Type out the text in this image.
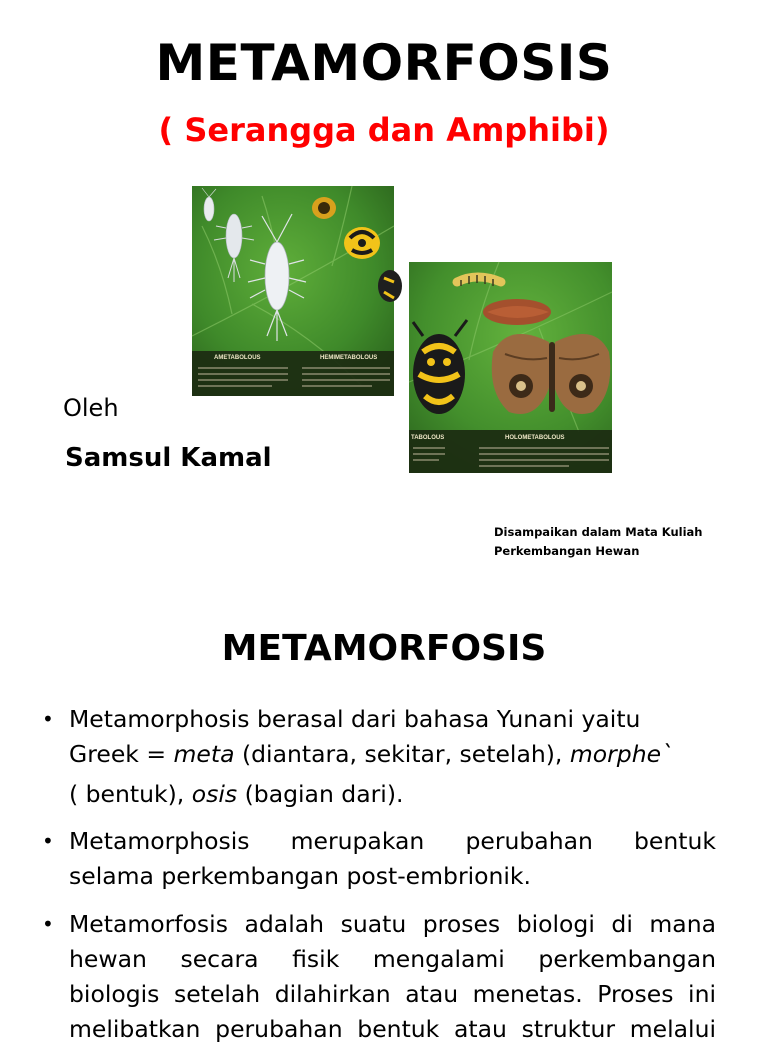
METAMORFOSIS
( Serangga dan Amphibi)
AMETABOLOUS	HEMIMETABOLOUS
TABOLOUS	HOLOMETABOLOUS
Oleh
Samsul Kamal
Disampaikan dalam Mata Kuliah
Perkembangan Hewan
METAMORFOSIS
• Metamorphosis berasal dari bahasa Yunani yaitu
Greek = meta (diantara, sekitar, setelah), morphe`
( bentuk), osis (bagian dari).
• Metamorphosis merupakan perubahan bentuk
selama perkembangan post-embrionik.
• Metamorfosis adalah suatu proses biologi di mana
hewan secara fisik mengalami perkembangan
biologis setelah dilahirkan atau menetas. Proses ini
melibatkan perubahan bentuk atau struktur melalui
